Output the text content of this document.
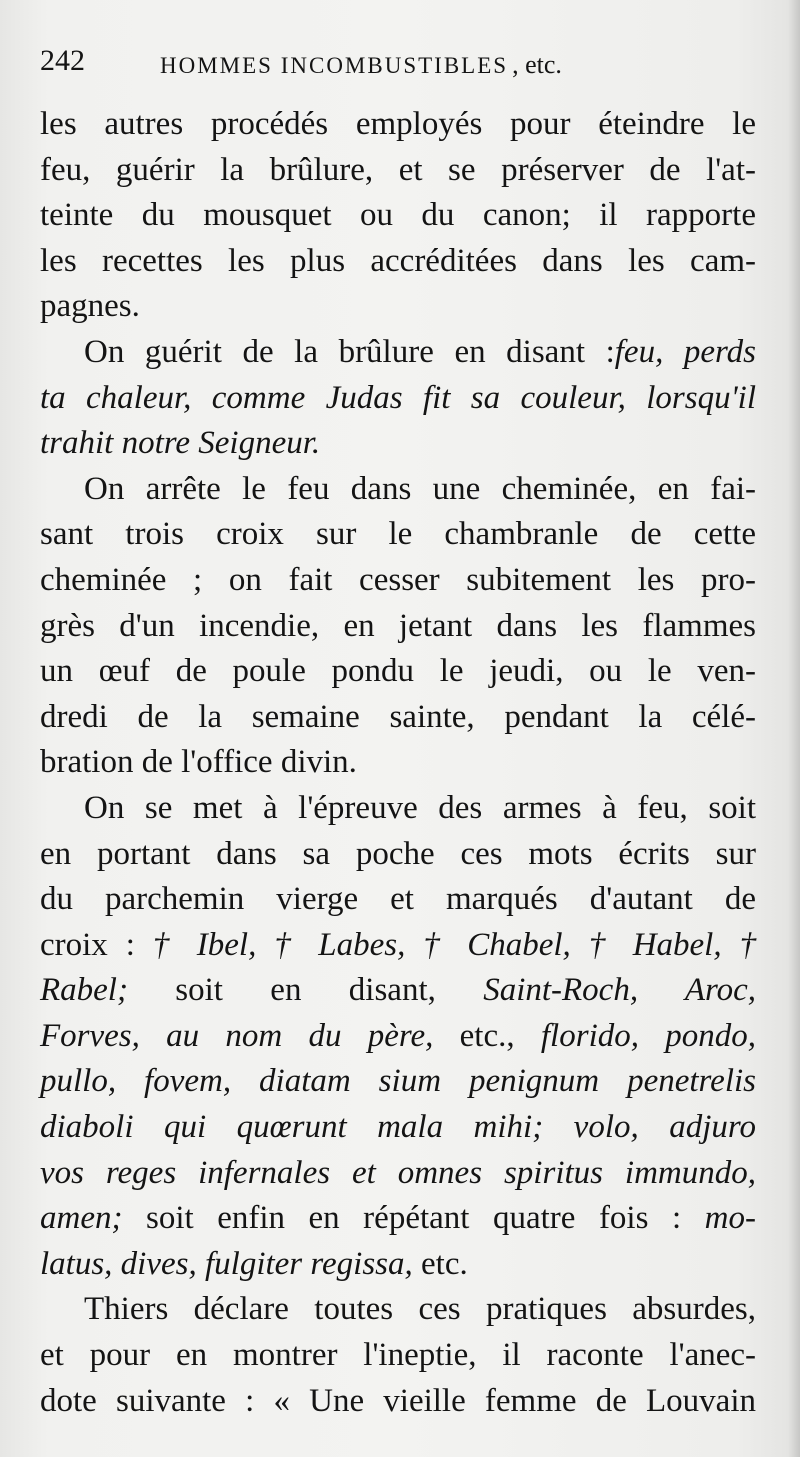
242	HOMMES INCOMBUSTIBLES , etc.
les autres procédés employés pour éteindre le
feu, guérir la brûlure, et se préserver de l'at-
teinte du mousquet ou du canon; il rapporte
les recettes les plus accréditées dans les cam-
pagnes.
On guérit de la brûlure en disant :feu, perds
ta chaleur, comme Judas fit sa couleur, lorsqu'il
trahit notre Seigneur.
On arrête le feu dans une cheminée, en fai-
sant trois croix sur le chambranle de cette
cheminée ; on fait cesser subitement les pro-
grès d'un incendie, en jetant dans les flammes
un œuf de poule pondu le jeudi, ou le ven-
dredi de la semaine sainte, pendant la célé-
bration de l'office divin.
On se met à l'épreuve des armes à feu, soit
en portant dans sa poche ces mots écrits sur
du parchemin vierge et marqués d'autant de
croix : † Ibel, † Labes, † Chabel, † Habel, †
Rabel; soit en disant, Saint-Roch, Aroc,
Forves, au nom du père, etc., florido, pondo,
pullo, fovem, diatam sium penignum penetrelis
diaboli qui quœrunt mala mihi; volo, adjuro
vos reges infernales et omnes spiritus immundo,
amen; soit enfin en répétant quatre fois : mo-
latus, dives, fulgiter regissa, etc.
Thiers déclare toutes ces pratiques absurdes,
et pour en montrer l'ineptie, il raconte l'anec-
dote suivante : « Une vieille femme de Louvain
